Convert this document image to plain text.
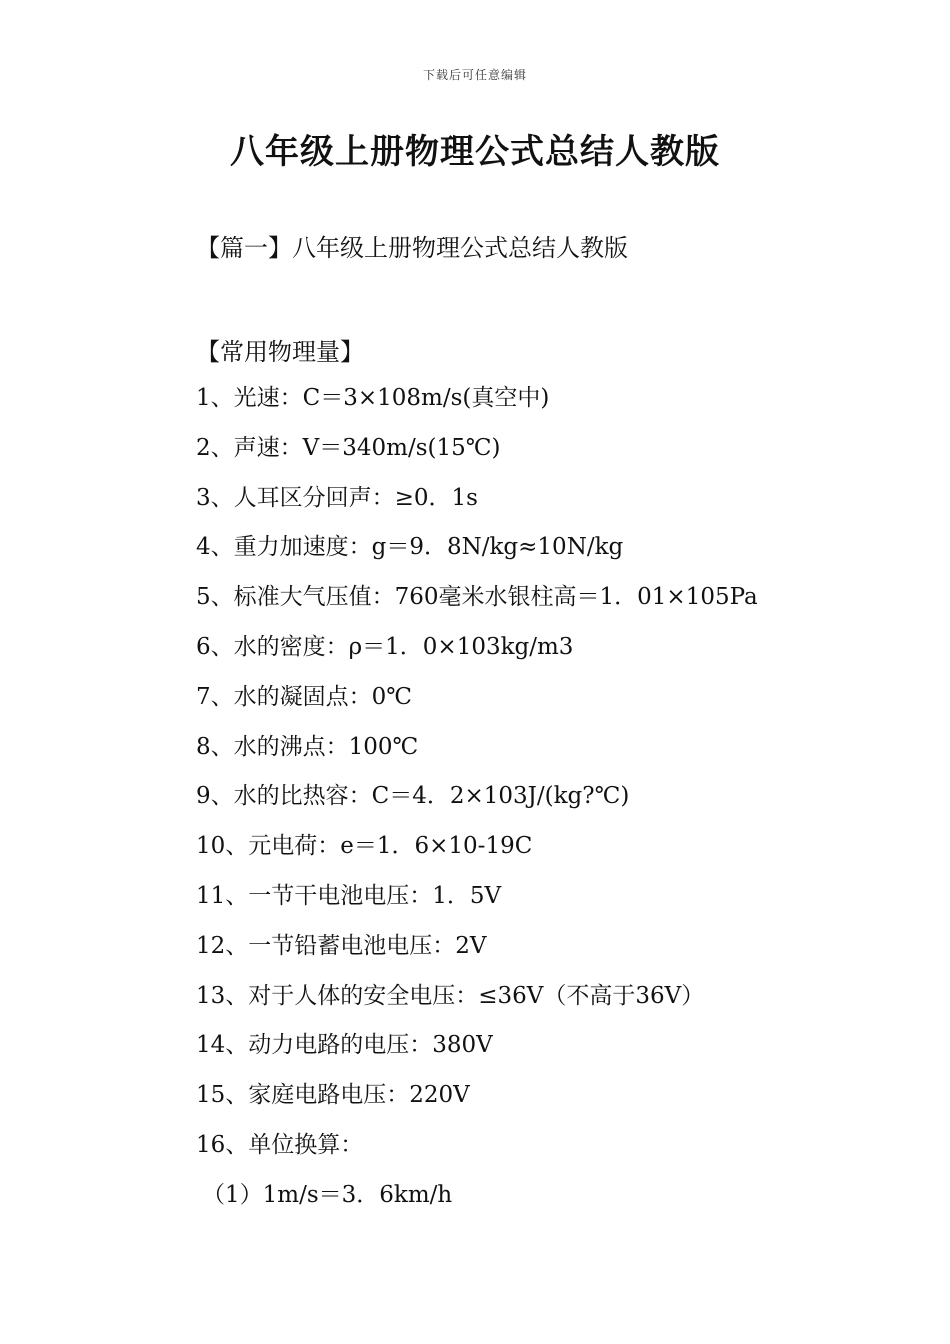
下载后可任意编辑
八年级上册物理公式总结人教版
【篇一】八年级上册物理公式总结人教版
【常用物理量】
1、光速：C＝3×108m/s(真空中)
2、声速：V＝340m/s(15℃)
3、人耳区分回声：≥0．1s
4、重力加速度：g＝9．8N/kg≈10N/kg
5、标准大气压值：760毫米水银柱高＝1．01×105Pa
6、水的密度：ρ＝1．0×103kg/m3
7、水的凝固点：0℃
8、水的沸点：100℃
9、水的比热容：C＝4．2×103J/(kg?℃)
10、元电荷：e＝1．6×10-19C
11、一节干电池电压：1．5V
12、一节铅蓄电池电压：2V
13、对于人体的安全电压：≤36V（不高于36V）
14、动力电路的电压：380V
15、家庭电路电压：220V
16、单位换算：
（1）1m/s＝3．6km/h
